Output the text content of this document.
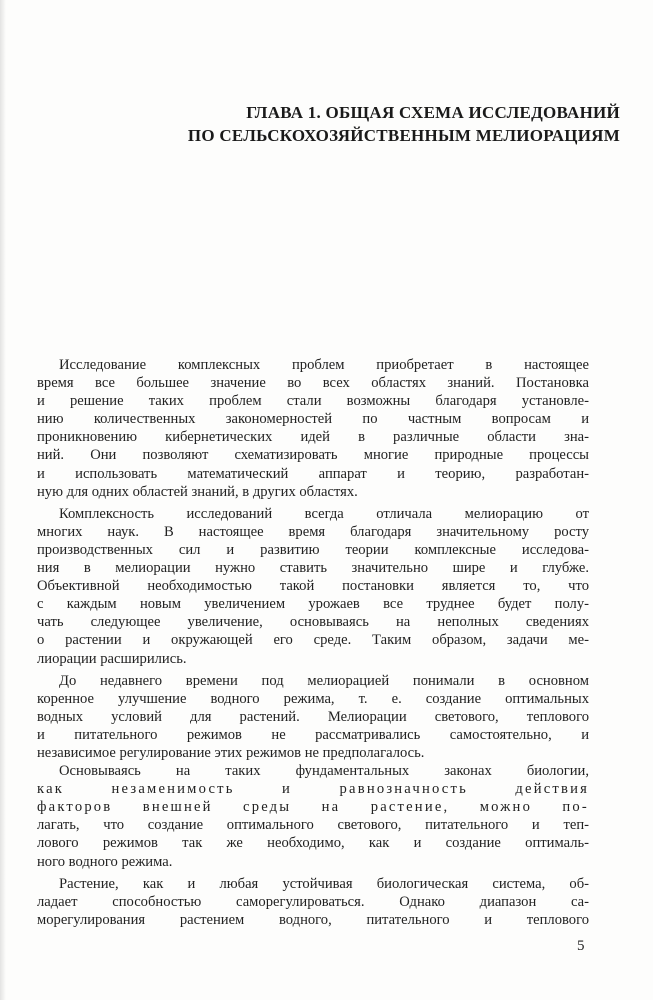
ГЛАВА 1. ОБЩАЯ СХЕМА ИССЛЕДОВАНИЙ
ПО СЕЛЬСКОХОЗЯЙСТВЕННЫМ МЕЛИОРАЦИЯМ
Исследование комплексных проблем приобретает в настоящее
время все большее значение во всех областях знаний. Постановка
и решение таких проблем стали возможны благодаря установле-
нию количественных закономерностей по частным вопросам и
проникновению кибернетических идей в различные области зна-
ний. Они позволяют схематизировать многие природные процессы
и использовать математический аппарат и теорию, разработан-
ную для одних областей знаний, в других областях.
Комплексность исследований всегда отличала мелиорацию от
многих наук. В настоящее время благодаря значительному росту
производственных сил и развитию теории комплексные исследова-
ния в мелиорации нужно ставить значительно шире и глубже.
Объективной необходимостью такой постановки является то, что
с каждым новым увеличением урожаев все труднее будет полу-
чать следующее увеличение, основываясь на неполных сведениях
о растении и окружающей его среде. Таким образом, задачи ме-
лиорации расширились.
До недавнего времени под мелиорацией понимали в основном
коренное улучшение водного режима, т. е. создание оптимальных
водных условий для растений. Мелиорации светового, теплового
и питательного режимов не рассматривались самостоятельно, и
независимое регулирование этих режимов не предполагалось.
Основываясь на таких фундаментальных законах биологии,
как незаменимость и равнозначность действия
факторов внешней среды на растение, можно по-
лагать, что создание оптимального светового, питательного и теп-
лового режимов так же необходимо, как и создание оптималь-
ного водного режима.
Растение, как и любая устойчивая биологическая система, об-
ладает способностью саморегулироваться. Однако диапазон са-
морегулирования растением водного, питательного и теплового
5
